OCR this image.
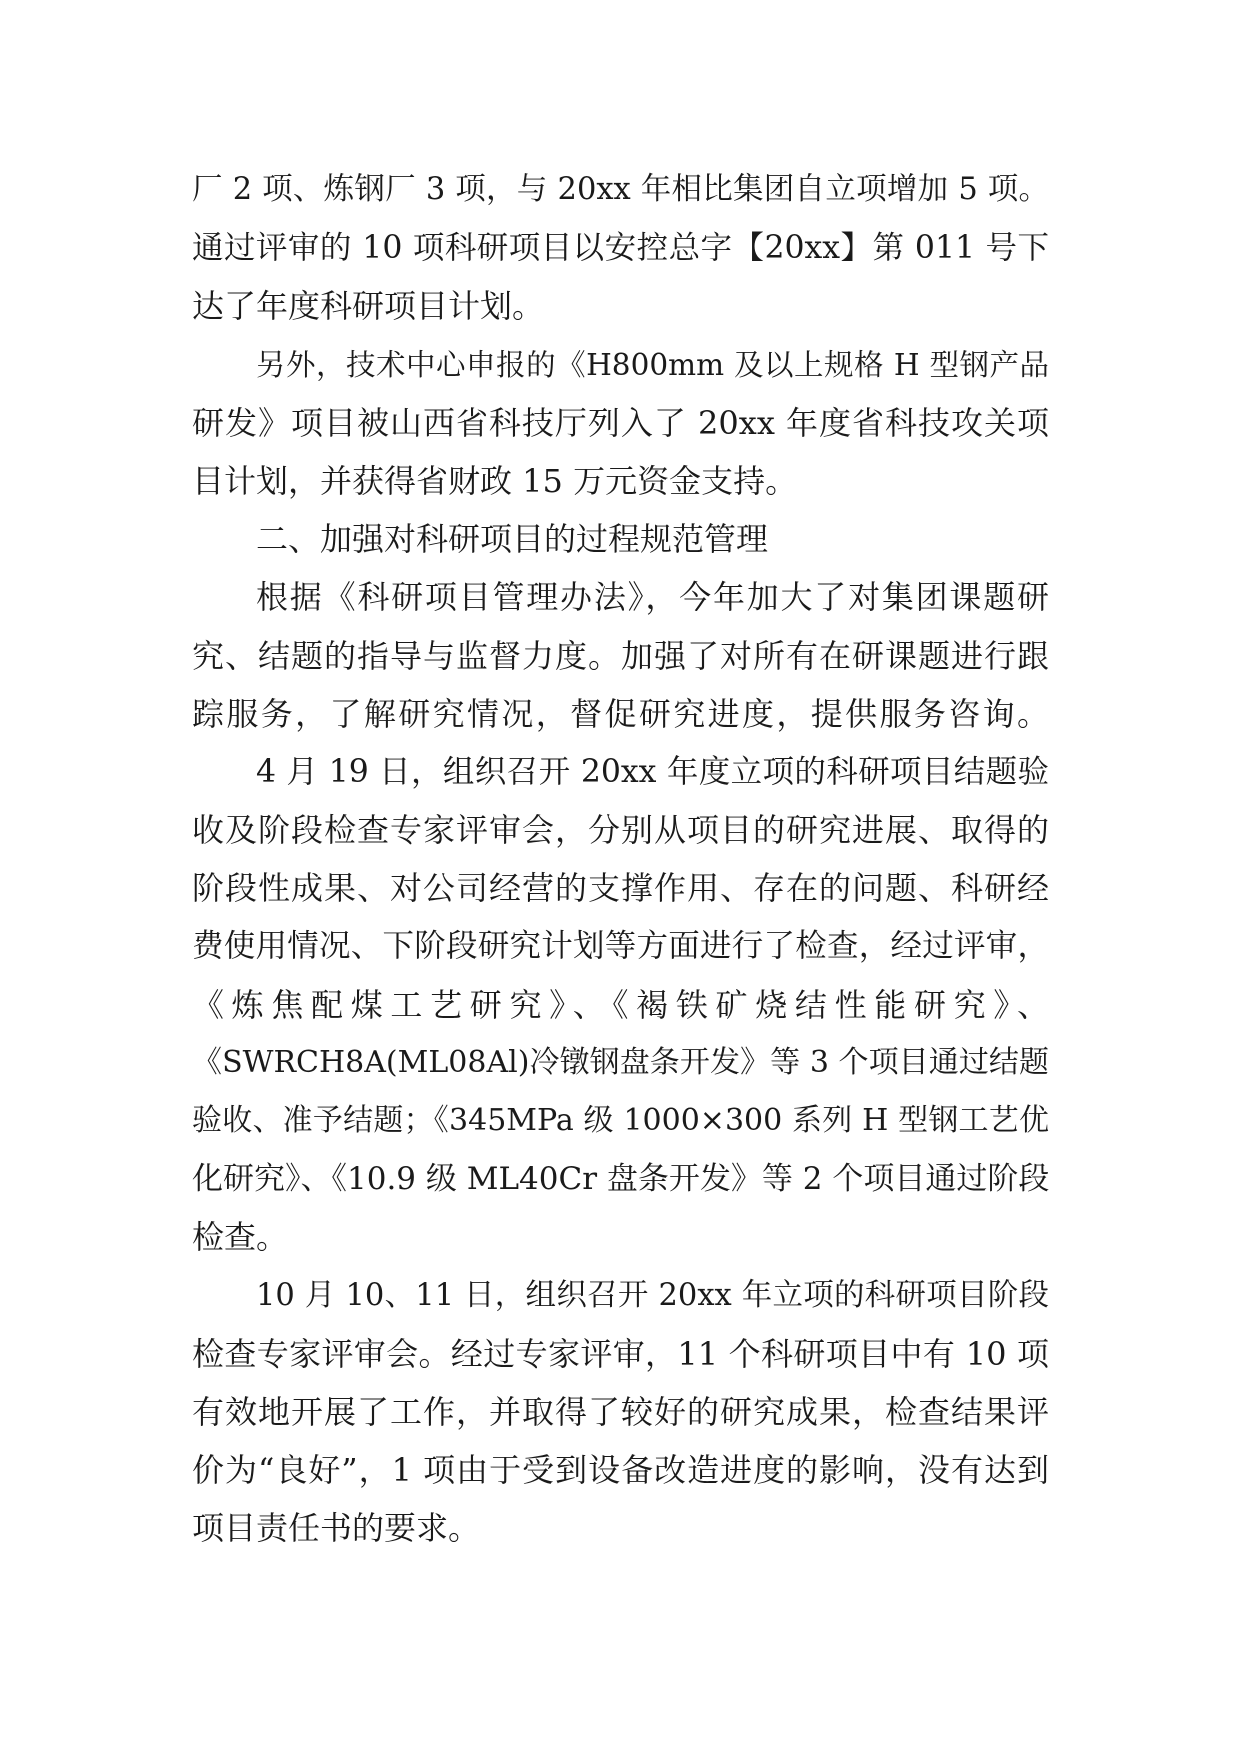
厂 2 项、炼钢厂 3 项，与 20xx 年相比集团自立项增加 5 项。
通过评审的 10 项科研项目以安控总字【20xx】第 011 号下
达了年度科研项目计划。
另外，技术中心申报的《H800mm 及以上规格 H 型钢产品
研发》项目被山西省科技厅列入了 20xx 年度省科技攻关项
目计划，并获得省财政 15 万元资金支持。
二、加强对科研项目的过程规范管理
根据《科研项目管理办法》，今年加大了对集团课题研
究、结题的指导与监督力度。加强了对所有在研课题进行跟
踪服务，了解研究情况，督促研究进度，提供服务咨询。
4 月 19 日，组织召开 20xx 年度立项的科研项目结题验
收及阶段检查专家评审会，分别从项目的研究进展、取得的
阶段性成果、对公司经营的支撑作用、存在的问题、科研经
费使用情况、下阶段研究计划等方面进行了检查，经过评审，
《炼焦配煤工艺研究》、《褐铁矿烧结性能研究》、
《SWRCH8A(ML08Al)冷镦钢盘条开发》等 3 个项目通过结题
验收、准予结题；《345MPa 级 1000×300 系列 H 型钢工艺优
化研究》、《10.9 级 ML40Cr 盘条开发》等 2 个项目通过阶段
检查。
10 月 10、11 日，组织召开 20xx 年立项的科研项目阶段
检查专家评审会。经过专家评审，11 个科研项目中有 10 项
有效地开展了工作，并取得了较好的研究成果，检查结果评
价为“良好”，1 项由于受到设备改造进度的影响，没有达到
项目责任书的要求。
